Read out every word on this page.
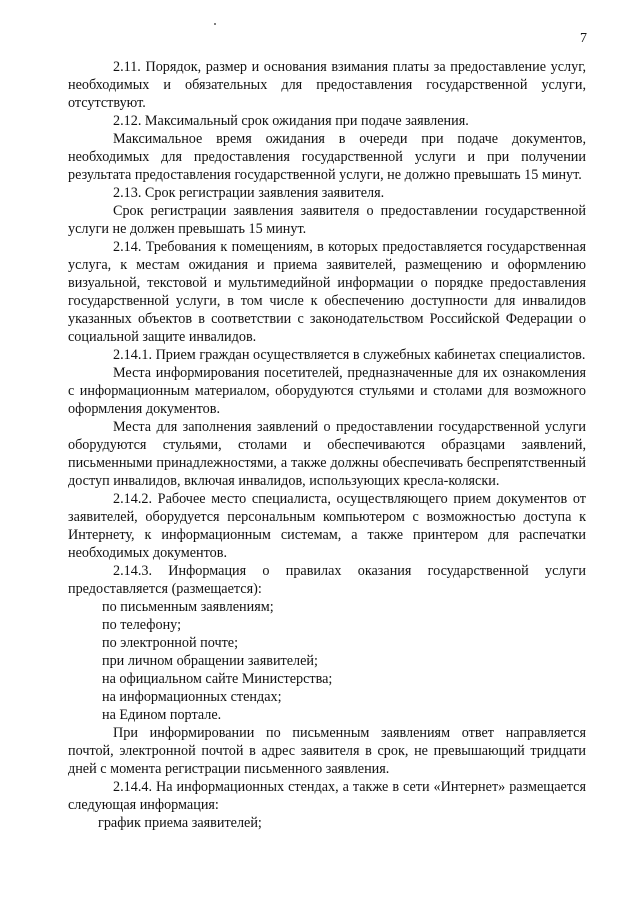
7

2.11. Порядок, размер и основания взимания платы за предоставление услуг, необходимых и обязательных для предоставления государственной услуги, отсутствуют.

2.12. Максимальный срок ожидания при подаче заявления.

Максимальное время ожидания в очереди при подаче документов, необходимых для предоставления государственной услуги и при получении результата предоставления государственной услуги, не должно превышать 15 минут.

2.13. Срок регистрации заявления заявителя.

Срок регистрации заявления заявителя о предоставлении государственной услуги не должен превышать 15 минут.

2.14. Требования к помещениям, в которых предоставляется государственная услуга, к местам ожидания и приема заявителей, размещению и оформлению визуальной, текстовой и мультимедийной информации о порядке предоставления государственной услуги, в том числе к обеспечению доступности для инвалидов указанных объектов в соответствии с законодательством Российской Федерации о социальной защите инвалидов.

2.14.1. Прием граждан осуществляется в служебных кабинетах специалистов.

Места информирования посетителей, предназначенные для их ознакомления с информационным материалом, оборудуются стульями и столами для возможного оформления документов.

Места для заполнения заявлений о предоставлении государственной услуги оборудуются стульями, столами и обеспечиваются образцами заявлений, письменными принадлежностями, а также должны обеспечивать беспрепятственный доступ инвалидов, включая инвалидов, использующих кресла-коляски.

2.14.2. Рабочее место специалиста, осуществляющего прием документов от заявителей, оборудуется персональным компьютером с возможностью доступа к Интернету, к информационным системам, а также принтером для распечатки необходимых документов.

2.14.3. Информация о правилах оказания государственной услуги предоставляется (размещается):

по письменным заявлениям;

по телефону;

по электронной почте;

при личном обращении заявителей;

на официальном сайте Министерства;

на информационных стендах;

на Едином портале.

При информировании по письменным заявлениям ответ направляется почтой, электронной почтой в адрес заявителя в срок, не превышающий тридцати дней с момента регистрации письменного заявления.

2.14.4. На информационных стендах, а также в сети «Интернет» размещается следующая информация:

график приема заявителей;
